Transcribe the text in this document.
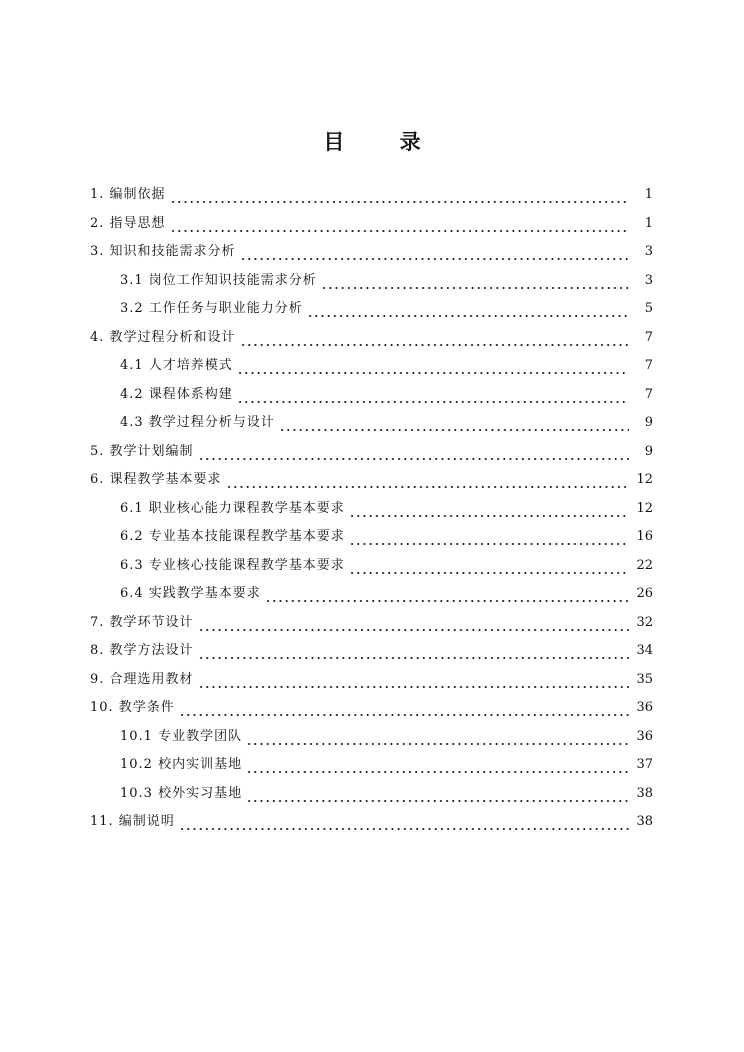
目 录
1. 编制依据	1
2. 指导思想	1
3. 知识和技能需求分析	3
3.1 岗位工作知识技能需求分析	3
3.2 工作任务与职业能力分析	5
4. 教学过程分析和设计	7
4.1 人才培养模式	7
4.2 课程体系构建	7
4.3 教学过程分析与设计	9
5. 教学计划编制	9
6. 课程教学基本要求	12
6.1 职业核心能力课程教学基本要求	12
6.2 专业基本技能课程教学基本要求	16
6.3 专业核心技能课程教学基本要求	22
6.4 实践教学基本要求	26
7. 教学环节设计	32
8. 教学方法设计	34
9. 合理选用教材	35
10. 教学条件	36
10.1 专业教学团队	36
10.2 校内实训基地	37
10.3 校外实习基地	38
11. 编制说明	38
